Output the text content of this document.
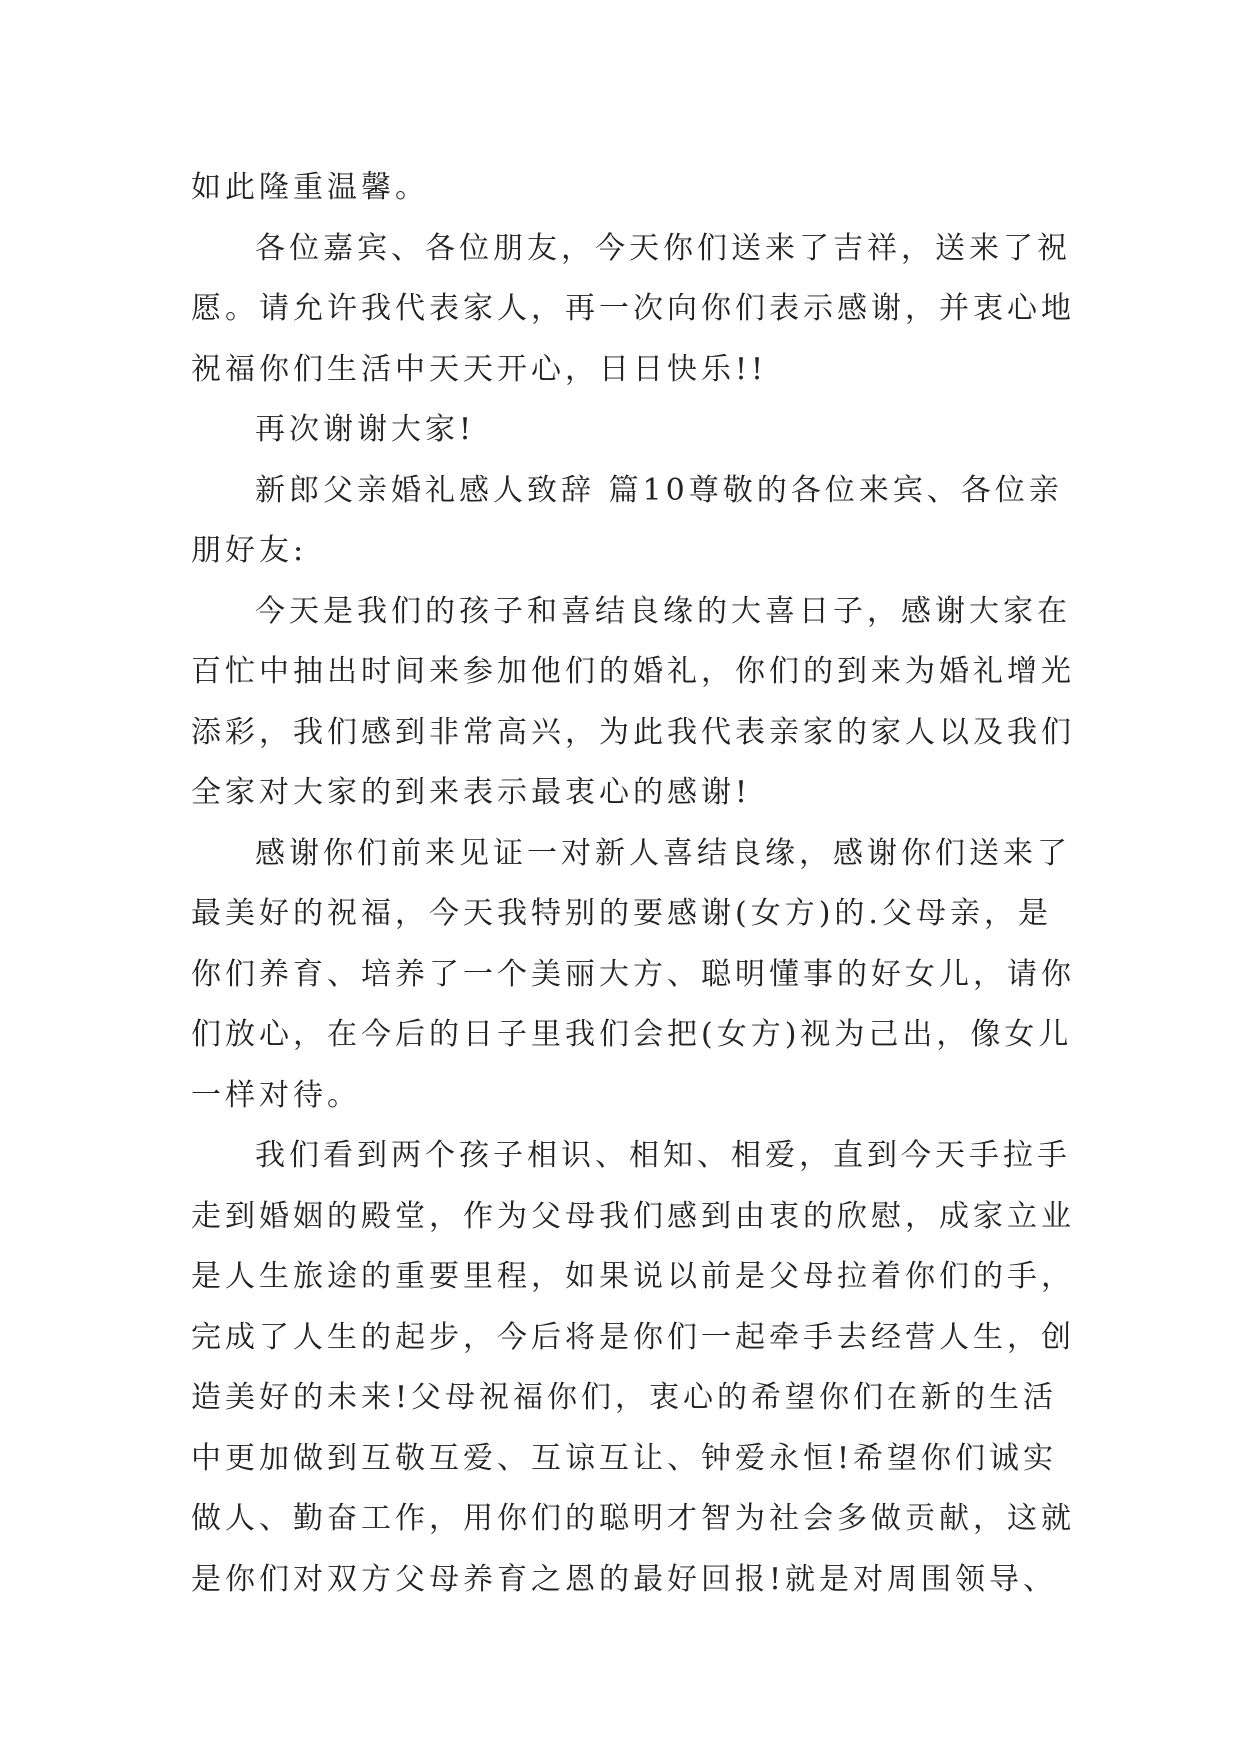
如此隆重温馨。
各位嘉宾、各位朋友，今天你们送来了吉祥，送来了祝
愿。请允许我代表家人，再一次向你们表示感谢，并衷心地
祝福你们生活中天天开心，日日快乐!!
再次谢谢大家!
新郎父亲婚礼感人致辞 篇10尊敬的各位来宾、各位亲
朋好友:
今天是我们的孩子和喜结良缘的大喜日子，感谢大家在
百忙中抽出时间来参加他们的婚礼，你们的到来为婚礼增光
添彩，我们感到非常高兴，为此我代表亲家的家人以及我们
全家对大家的到来表示最衷心的感谢!
感谢你们前来见证一对新人喜结良缘，感谢你们送来了
最美好的祝福，今天我特别的要感谢(女方)的.父母亲，是
你们养育、培养了一个美丽大方、聪明懂事的好女儿，请你
们放心，在今后的日子里我们会把(女方)视为己出，像女儿
一样对待。
我们看到两个孩子相识、相知、相爱，直到今天手拉手
走到婚姻的殿堂，作为父母我们感到由衷的欣慰，成家立业
是人生旅途的重要里程，如果说以前是父母拉着你们的手，
完成了人生的起步，今后将是你们一起牵手去经营人生，创
造美好的未来!父母祝福你们，衷心的希望你们在新的生活
中更加做到互敬互爱、互谅互让、钟爱永恒!希望你们诚实
做人、勤奋工作，用你们的聪明才智为社会多做贡献，这就
是你们对双方父母养育之恩的最好回报!就是对周围领导、
